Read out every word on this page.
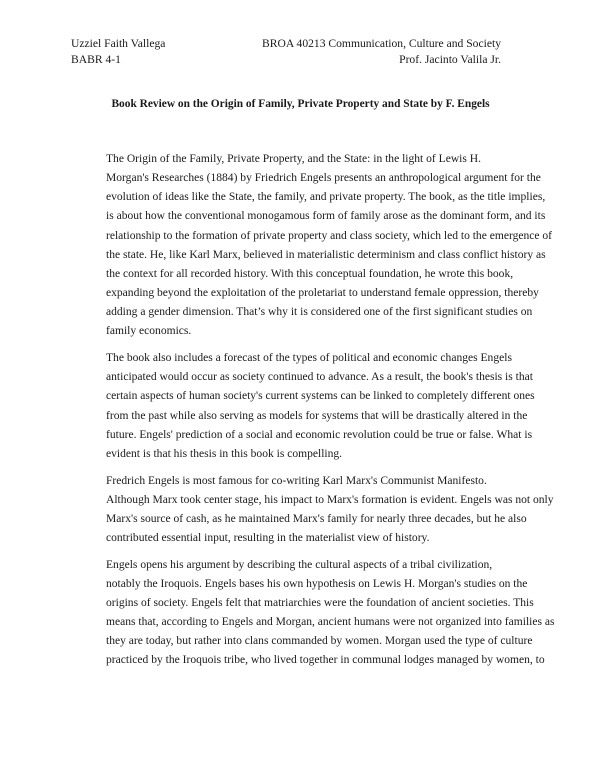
Uzziel Faith Vallega	BROA 40213 Communication, Culture and Society
BABR 4-1	Prof. Jacinto Valila Jr.
Book Review on the Origin of Family, Private Property and State by F. Engels

The Origin of the Family, Private Property, and the State: in the light of Lewis H.
Morgan's Researches (1884) by Friedrich Engels presents an anthropological argument for the
evolution of ideas like the State, the family, and private property. The book, as the title implies,
is about how the conventional monogamous form of family arose as the dominant form, and its
relationship to the formation of private property and class society, which led to the emergence of
the state. He, like Karl Marx, believed in materialistic determinism and class conflict history as
the context for all recorded history. With this conceptual foundation, he wrote this book,
expanding beyond the exploitation of the proletariat to understand female oppression, thereby
adding a gender dimension. That’s why it is considered one of the first significant studies on
family economics.

The book also includes a forecast of the types of political and economic changes Engels
anticipated would occur as society continued to advance. As a result, the book's thesis is that
certain aspects of human society's current systems can be linked to completely different ones
from the past while also serving as models for systems that will be drastically altered in the
future. Engels' prediction of a social and economic revolution could be true or false. What is
evident is that his thesis in this book is compelling.

Fredrich Engels is most famous for co-writing Karl Marx's Communist Manifesto.
Although Marx took center stage, his impact to Marx's formation is evident. Engels was not only
Marx's source of cash, as he maintained Marx's family for nearly three decades, but he also
contributed essential input, resulting in the materialist view of history.

Engels opens his argument by describing the cultural aspects of a tribal civilization,
notably the Iroquois. Engels bases his own hypothesis on Lewis H. Morgan's studies on the
origins of society. Engels felt that matriarchies were the foundation of ancient societies. This
means that, according to Engels and Morgan, ancient humans were not organized into families as
they are today, but rather into clans commanded by women. Morgan used the type of culture
practiced by the Iroquois tribe, who lived together in communal lodges managed by women, to
